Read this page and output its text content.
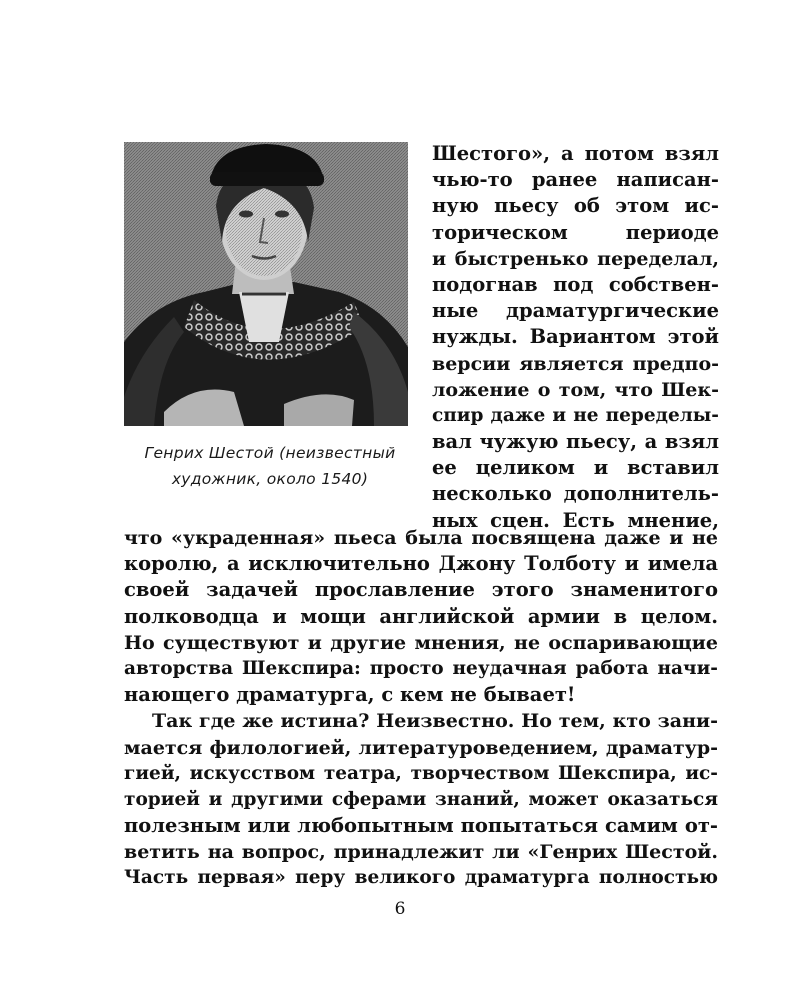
Генрих Шестой (неизвестный
художник, около 1540)
Шестого», а потом взял
чью-то ранее написан-
ную пьесу об этом ис-
торическом периоде
и быстренько переделал,
подогнав под собствен-
ные драматургические
нужды. Вариантом этой
версии является предпо-
ложение о том, что Шек-
спир даже и не переделы-
вал чужую пьесу, а взял
ее целиком и вставил
несколько дополнитель-
ных сцен. Есть мнение,
что «украденная» пьеса была посвящена даже и не
королю, а исключительно Джону Толботу и имела
своей задачей прославление этого знаменитого
полководца и мощи английской армии в целом.
Но существуют и другие мнения, не оспаривающие
авторства Шекспира: просто неудачная работа начи-
нающего драматурга, с кем не бывает!
Так где же истина? Неизвестно. Но тем, кто зани-
мается филологией, литературоведением, драматур-
гией, искусством театра, творчеством Шекспира, ис-
торией и другими сферами знаний, может оказаться
полезным или любопытным попытаться самим от-
ветить на вопрос, принадлежит ли «Генрих Шестой.
Часть первая» перу великого драматурга полностью
6
